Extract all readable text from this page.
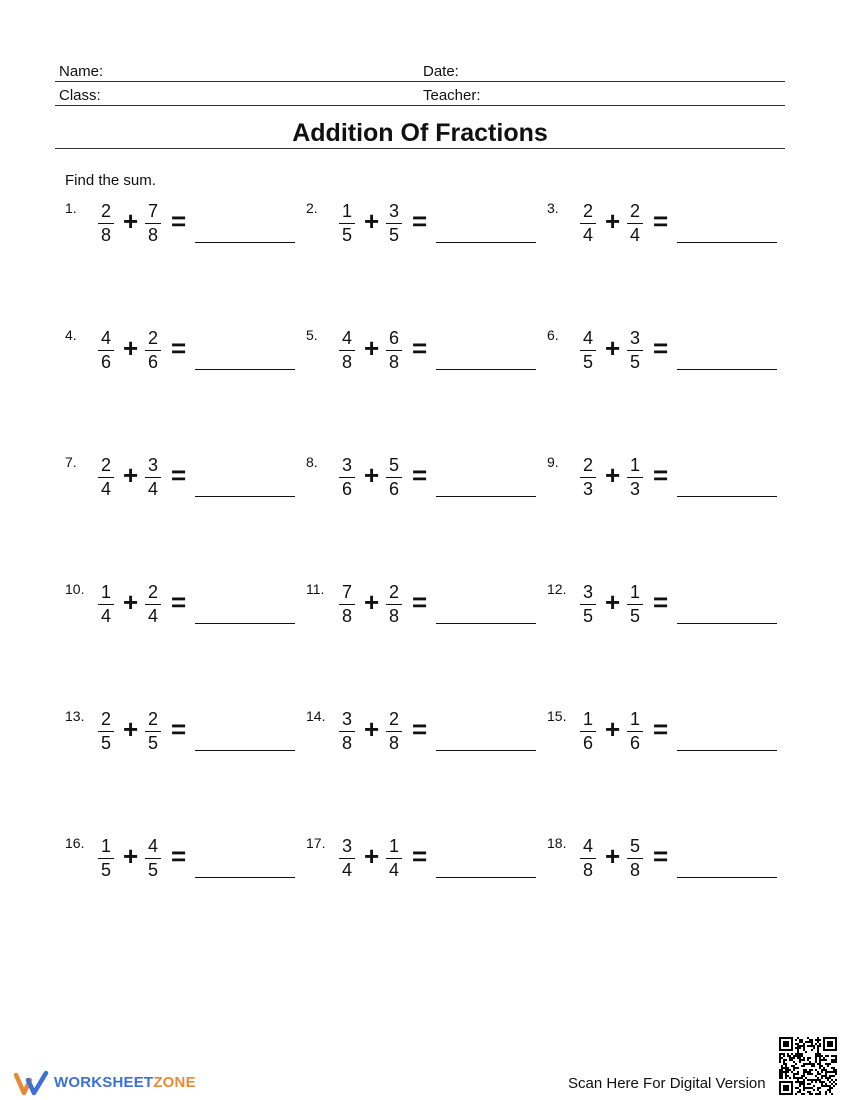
Name:	Date:
Class:	Teacher:
Addition Of Fractions
Find the sum.
1. 2
8 + 7
8 =	2. 1
5 + 3
5 =	3. 2
4 + 2
4 =
4. 4
6 + 2
6 =	5. 4
8 + 6
8 =	6. 4
5 + 3
5 =
7. 2
4 + 3
4 =	8. 3
6 + 5
6 =	9. 2
3 + 1
3 =
10. 1
4 + 2
4 =	11. 7
8 + 2
8 =	12. 3
5 + 1
5 =
13. 2
5 + 2
5 =	14. 3
8 + 2
8 =	15. 1
6 + 1
6 =
16. 1
5 + 4
5 =	17. 3
4 + 1
4 =	18. 4
8 + 5
8 =
WORKSHEETZONE	Scan Here For Digital Version
